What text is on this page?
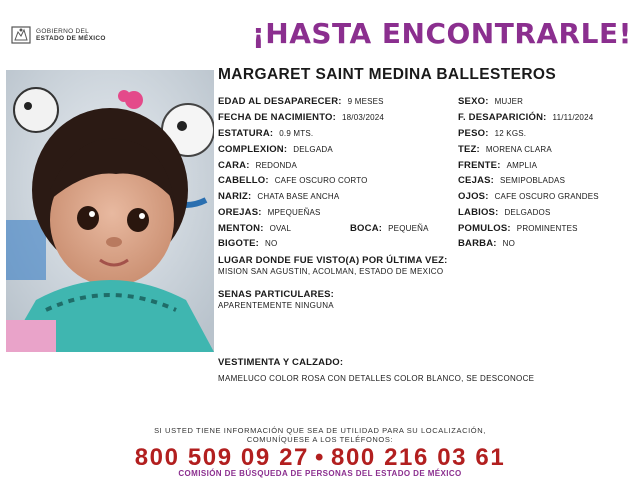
GOBIERNO DEL
ESTADO DE MÉXICO	¡HASTA ENCONTRARLE!
MARGARET SAINT MEDINA BALLESTEROS
EDAD AL DESAPARECER: 9 MESES
FECHA DE NACIMIENTO: 18/03/2024
ESTATURA: 0.9 MTS.
COMPLEXION: DELGADA
CARA: REDONDA
CABELLO: CAFE OSCURO CORTO
NARIZ: CHATA BASE ANCHA
OREJAS: MPEQUEÑAS
MENTON: OVAL
BIGOTE: NO
BOCA: PEQUEÑA
SEXO: MUJER
F. DESAPARICIÓN: 11/11/2024
PESO: 12 KGS.
TEZ: MORENA CLARA
FRENTE: AMPLIA
CEJAS: SEMIPOBLADAS
OJOS: CAFE OSCURO GRANDES
LABIOS: DELGADOS
POMULOS: PROMINENTES
BARBA: NO
LUGAR DONDE FUE VISTO(A) POR ÚLTIMA VEZ:
MISION SAN AGUSTIN, ACOLMAN, ESTADO DE MEXICO
SENAS PARTICULARES:
APARENTEMENTE NINGUNA
VESTIMENTA Y CALZADO:
MAMELUCO COLOR ROSA CON DETALLES COLOR BLANCO, SE DESCONOCE
SI USTED TIENE INFORMACIÓN QUE SEA DE UTILIDAD PARA SU LOCALIZACIÓN,
COMUNÍQUESE A LOS TELÉFONOS:
800 509 09 27 • 800 216 03 61
COMISIÓN DE BÚSQUEDA DE PERSONAS DEL ESTADO DE MÉXICO
